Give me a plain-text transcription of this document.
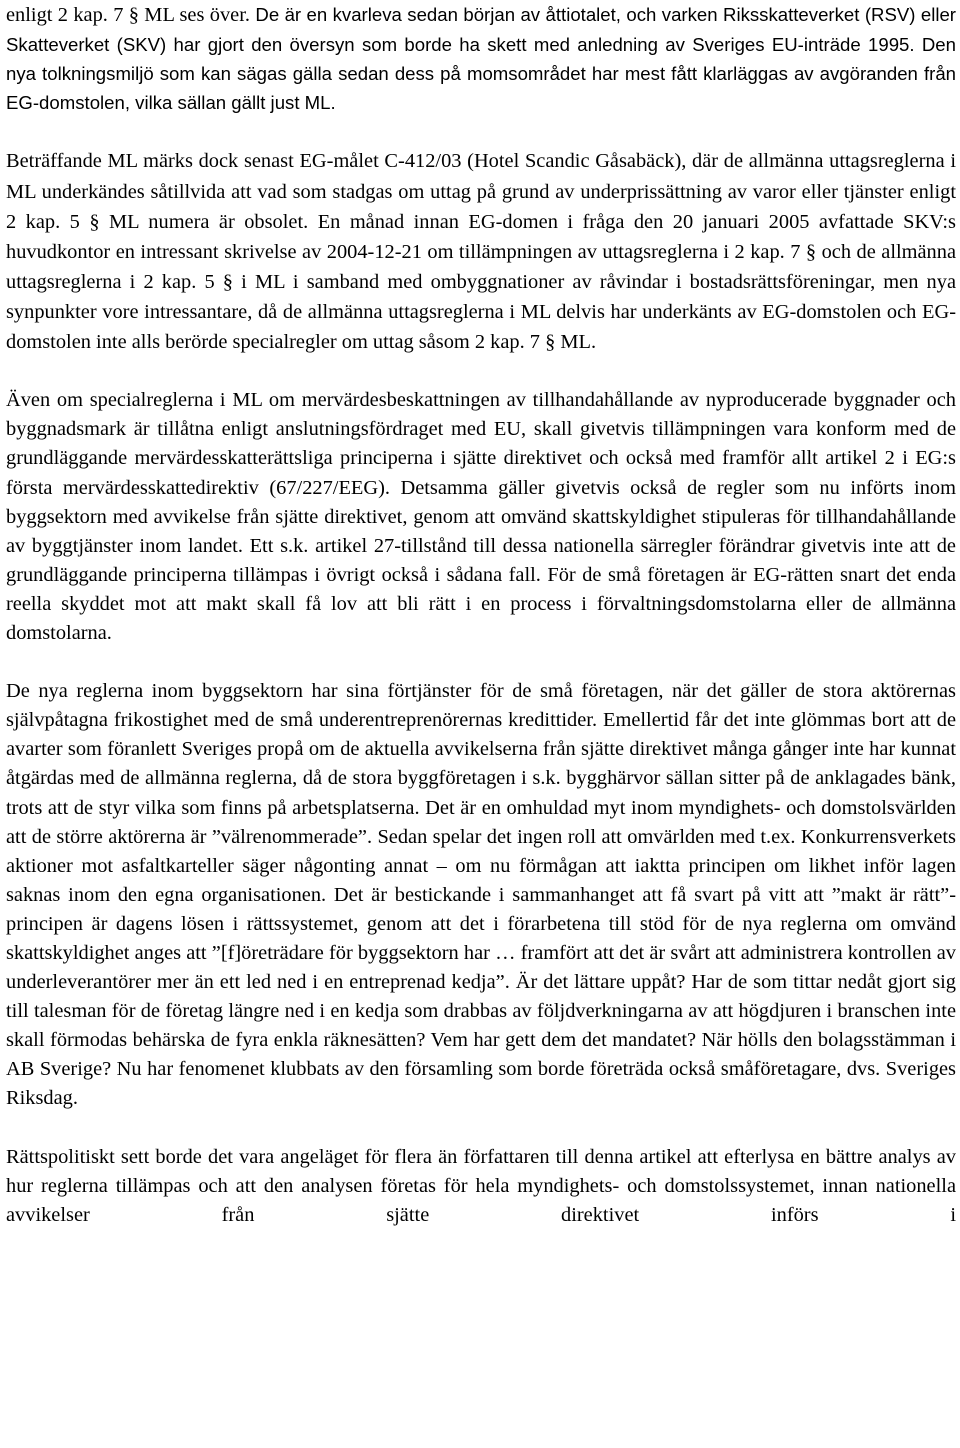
enligt 2 kap. 7 § ML ses över. De är en kvarleva sedan början av åttiotalet, och varken Riksskatteverket (RSV) eller Skatteverket (SKV) har gjort den översyn som borde ha skett med anledning av Sveriges EU-inträde 1995. Den nya tolkningsmiljö som kan sägas gälla sedan dess på momsområdet har mest fått klarläggas av avgöranden från EG-domstolen, vilka sällan gällt just ML.

Beträffande ML märks dock senast EG-målet C-412/03 (Hotel Scandic Gåsabäck), där de allmänna uttagsreglerna i ML underkändes såtillvida att vad som stadgas om uttag på grund av underprissättning av varor eller tjänster enligt 2 kap. 5 § ML numera är obsolet. En månad innan EG-domen i fråga den 20 januari 2005 avfattade SKV:s huvudkontor en intressant skrivelse av 2004-12-21 om tillämpningen av uttagsreglerna i 2 kap. 7 § och de allmänna uttagsreglerna i 2 kap. 5 § i ML i samband med ombyggnationer av råvindar i bostadsrättsföreningar, men nya synpunkter vore intressantare, då de allmänna uttagsreglerna i ML delvis har underkänts av EG-domstolen och EG-domstolen inte alls berörde specialregler om uttag såsom 2 kap. 7 § ML.

Även om specialreglerna i ML om mervärdesbeskattningen av tillhandahållande av nyproducerade byggnader och byggnadsmark är tillåtna enligt anslutningsfördraget med EU, skall givetvis tillämpningen vara konform med de grundläggande mervärdesskatterättsliga principerna i sjätte direktivet och också med framför allt artikel 2 i EG:s första mervärdesskattedirektiv (67/227/EEG). Detsamma gäller givetvis också de regler som nu införts inom byggsektorn med avvikelse från sjätte direktivet, genom att omvänd skattskyldighet stipuleras för tillhandahållande av byggtjänster inom landet. Ett s.k. artikel 27-tillstånd till dessa nationella särregler förändrar givetvis inte att de grundläggande principerna tillämpas i övrigt också i sådana fall. För de små företagen är EG-rätten snart det enda reella skyddet mot att makt skall få lov att bli rätt i en process i förvaltningsdomstolarna eller de allmänna domstolarna.

De nya reglerna inom byggsektorn har sina förtjänster för de små företagen, när det gäller de stora aktörernas självpåtagna frikostighet med de små underentreprenörernas kredittider. Emellertid får det inte glömmas bort att de avarter som föranlett Sveriges propå om de aktuella avvikelserna från sjätte direktivet många gånger inte har kunnat åtgärdas med de allmänna reglerna, då de stora byggföretagen i s.k. bygghärvor sällan sitter på de anklagades bänk, trots att de styr vilka som finns på arbetsplatserna. Det är en omhuldad myt inom myndighets- och domstolsvärlden att de större aktörerna är ”välrenommerade”. Sedan spelar det ingen roll att omvärlden med t.ex. Konkurrensverkets aktioner mot asfaltkarteller säger någonting annat – om nu förmågan att iaktta principen om likhet inför lagen saknas inom den egna organisationen. Det är bestickande i sammanhanget att få svart på vitt att ”makt är rätt”-principen är dagens lösen i rättssystemet, genom att det i förarbetena till stöd för de nya reglerna om omvänd skattskyldighet anges att ”[f]öreträdare för byggsektorn har … framfört att det är svårt att administrera kontrollen av underleverantörer mer än ett led ned i en entreprenad kedja”. Är det lättare uppåt? Har de som tittar nedåt gjort sig till talesman för de företag längre ned i en kedja som drabbas av följdverkningarna av att högdjuren i branschen inte skall förmodas behärska de fyra enkla räknesätten? Vem har gett dem det mandatet? När hölls den bolagsstämman i AB Sverige? Nu har fenomenet klubbats av den församling som borde företräda också småföretagare, dvs. Sveriges Riksdag.

Rättspolitiskt sett borde det vara angeläget för flera än författaren till denna artikel att efterlysa en bättre analys av hur reglerna tillämpas och att den analysen företas för hela myndighets- och domstolssystemet, innan nationella avvikelser från sjätte direktivet införs i
